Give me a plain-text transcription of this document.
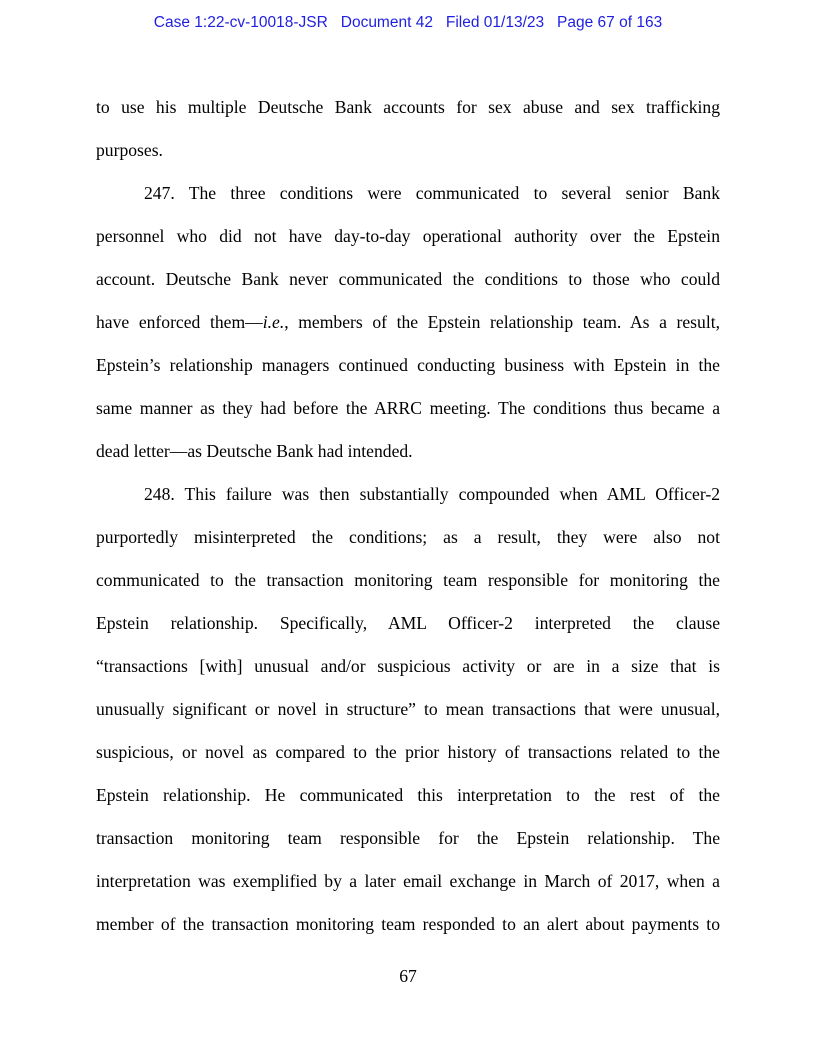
Case 1:22-cv-10018-JSR Document 42 Filed 01/13/23 Page 67 of 163
to use his multiple Deutsche Bank accounts for sex abuse and sex trafficking
purposes.
247. The three conditions were communicated to several senior Bank
personnel who did not have day-to-day operational authority over the Epstein
account. Deutsche Bank never communicated the conditions to those who could
have enforced them—i.e., members of the Epstein relationship team. As a result,
Epstein’s relationship managers continued conducting business with Epstein in the
same manner as they had before the ARRC meeting. The conditions thus became a
dead letter—as Deutsche Bank had intended.
248. This failure was then substantially compounded when AML Officer-2
purportedly misinterpreted the conditions; as a result, they were also not
communicated to the transaction monitoring team responsible for monitoring the
Epstein relationship. Specifically, AML Officer-2 interpreted the clause
“transactions [with] unusual and/or suspicious activity or are in a size that is
unusually significant or novel in structure” to mean transactions that were unusual,
suspicious, or novel as compared to the prior history of transactions related to the
Epstein relationship. He communicated this interpretation to the rest of the
transaction monitoring team responsible for the Epstein relationship. The
interpretation was exemplified by a later email exchange in March of 2017, when a
member of the transaction monitoring team responded to an alert about payments to
67
